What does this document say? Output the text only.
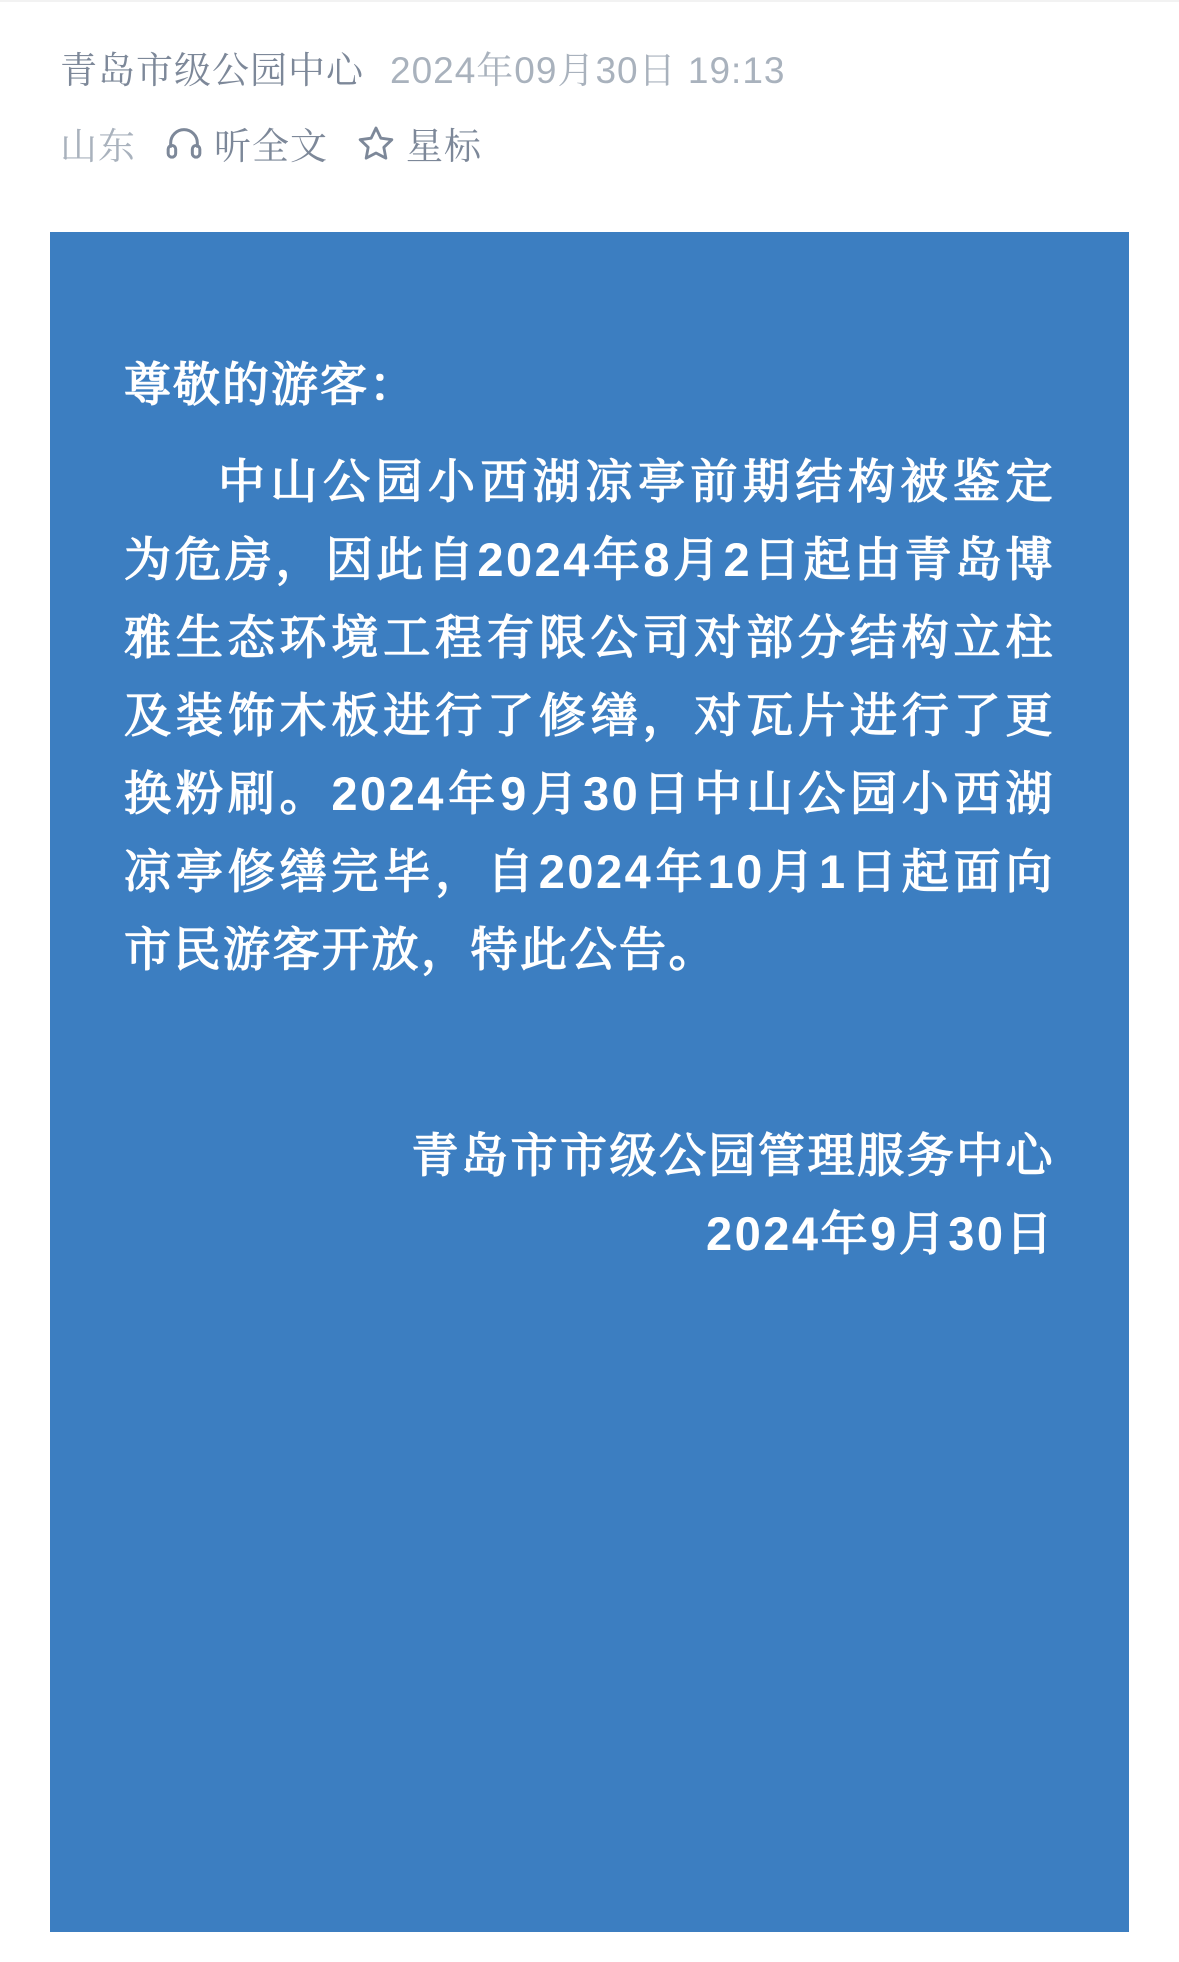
青岛市级公园中心 2024年09月30日 19:13
山东 听全文 星标

尊敬的游客：

中山公园小西湖凉亭前期结构被鉴定为危房，因此自2024年8月2日起由青岛博雅生态环境工程有限公司对部分结构立柱及装饰木板进行了修缮，对瓦片进行了更换粉刷。2024年9月30日中山公园小西湖凉亭修缮完毕，自2024年10月1日起面向市民游客开放，特此公告。

青岛市市级公园管理服务中心
2024年9月30日
